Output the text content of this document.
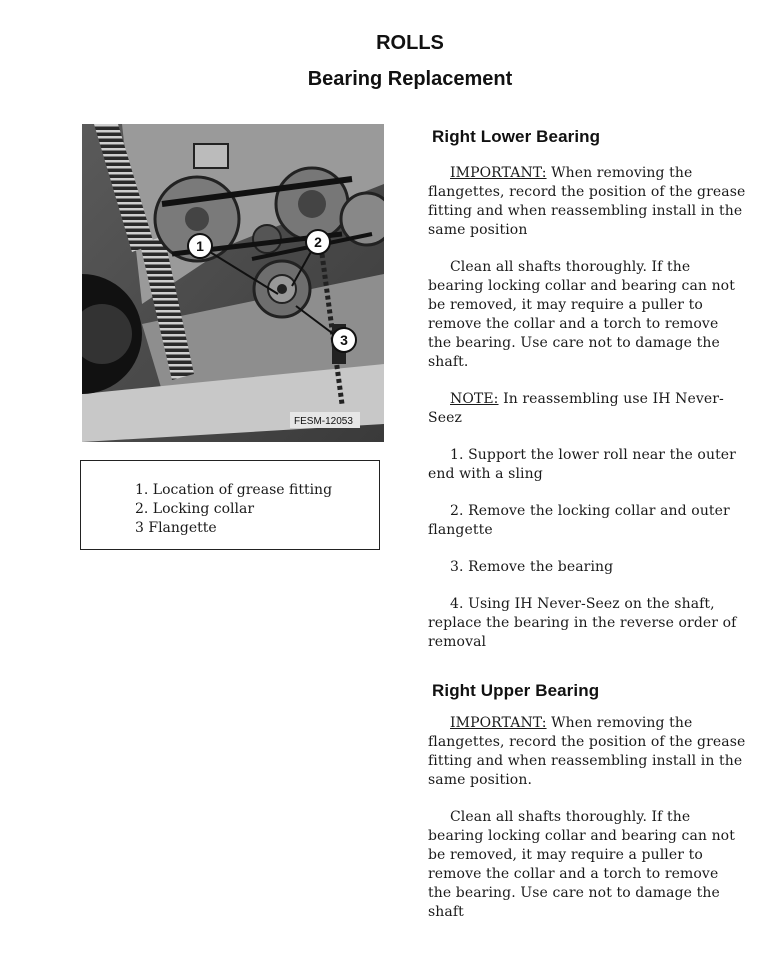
ROLLS
Bearing Replacement
1	2
3
FESM-12053
1. Location of grease fitting
2. Locking collar
3 Flangette
Right Lower Bearing

IMPORTANT: When removing the flangettes, record the position of the grease fitting and when reassembling install in the same position

Clean all shafts thoroughly. If the bearing locking collar and bearing can not be removed, it may require a puller to remove the collar and a torch to remove the bearing. Use care not to damage the shaft.

NOTE: In reassembling use IH Never-Seez

1. Support the lower roll near the outer end with a sling

2. Remove the locking collar and outer flangette

3. Remove the bearing

4. Using IH Never-Seez on the shaft, replace the bearing in the reverse order of removal

Right Upper Bearing

IMPORTANT: When removing the flangettes, record the position of the grease fitting and when reassembling install in the same position.

Clean all shafts thoroughly. If the bearing locking collar and bearing can not be removed, it may require a puller to remove the collar and a torch to remove the bearing. Use care not to damage the shaft
